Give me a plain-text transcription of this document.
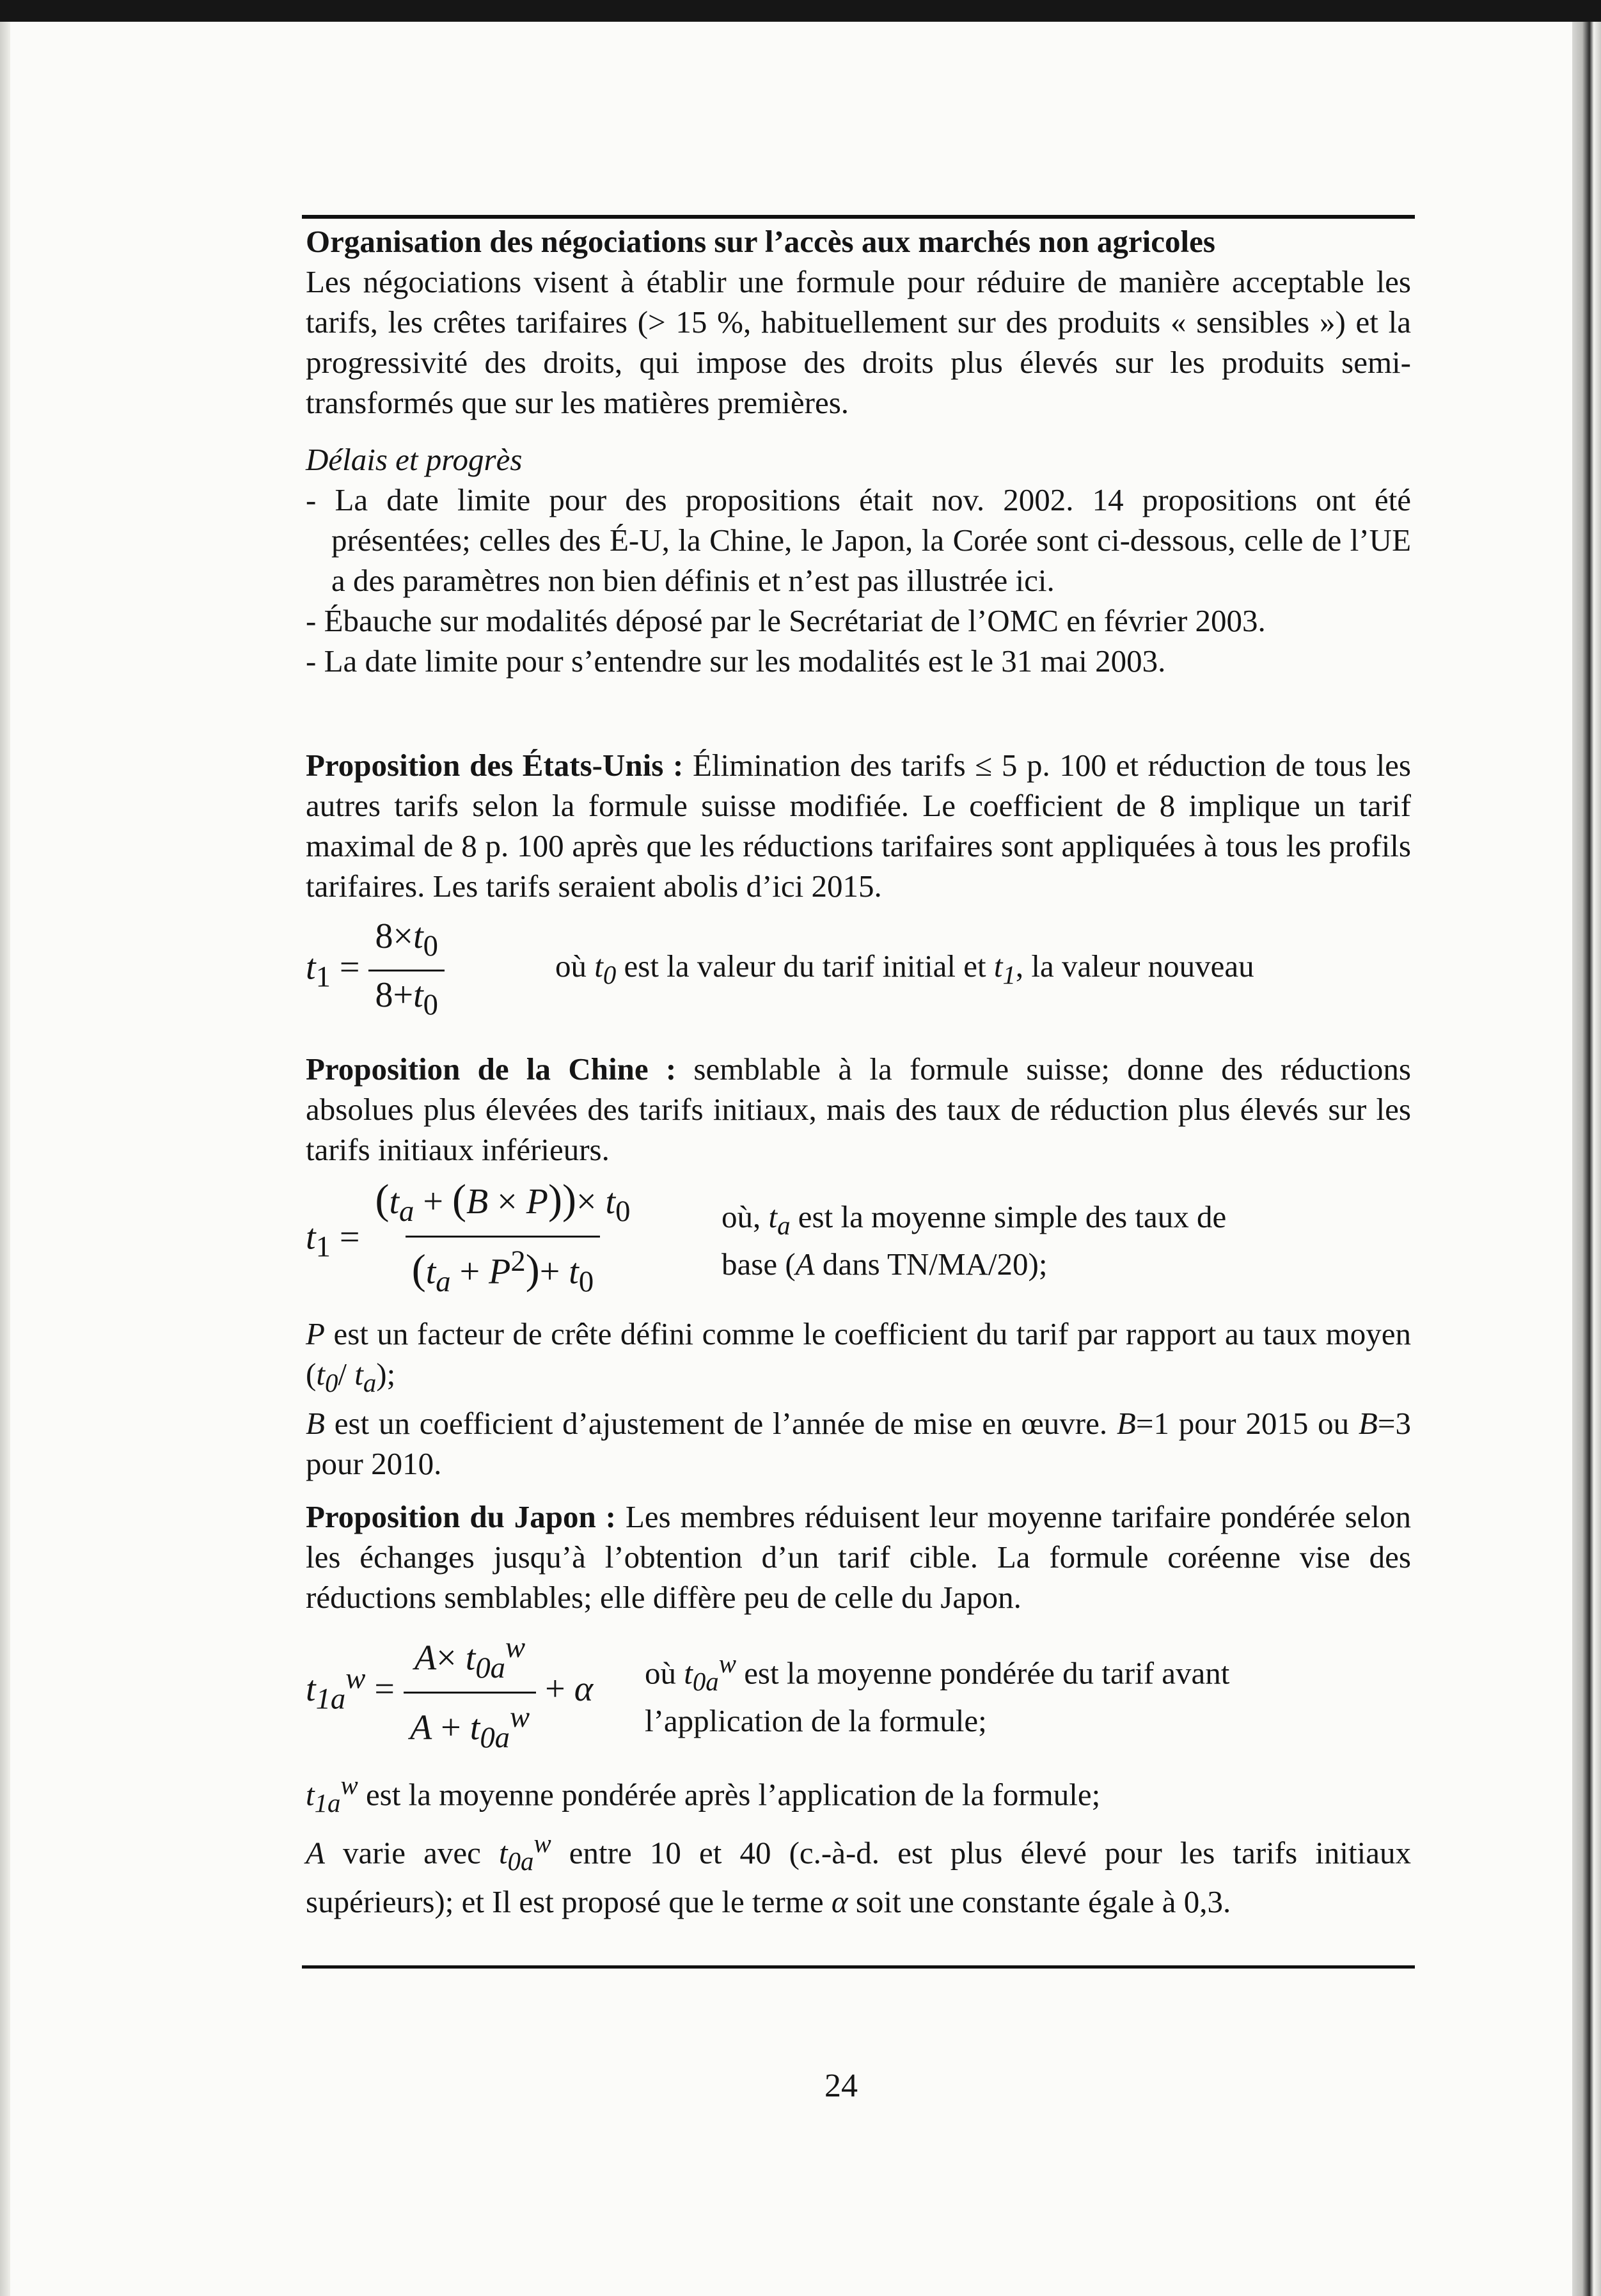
Organisation des négociations sur l’accès aux marchés non agricoles

Les négociations visent à établir une formule pour réduire de manière acceptable les tarifs, les crêtes tarifaires (> 15 %, habituellement sur des produits « sensibles ») et la progressivité des droits, qui impose des droits plus élevés sur les produits semi-transformés que sur les matières premières.

Délais et progrès

- La date limite pour des propositions était nov. 2002. 14 propositions ont été présentées; celles des É-U, la Chine, le Japon, la Corée sont ci-dessous, celle de l’UE a des paramètres non bien définis et n’est pas illustrée ici.
- Ébauche sur modalités déposé par le Secrétariat de l’OMC en février 2003.
- La date limite pour s’entendre sur les modalités est le 31 mai 2003.

Proposition des États-Unis : Élimination des tarifs ≤ 5 p. 100 et réduction de tous les autres tarifs selon la formule suisse modifiée. Le coefficient de 8 implique un tarif maximal de 8 p. 100 après que les réductions tarifaires sont appliquées à tous les profils tarifaires. Les tarifs seraient abolis d’ici 2015.

$t_1 = \frac{8\times t_0}{8+t_0}$	où $t_0$ est la valeur du tarif initial et $t_1$, la valeur nouveau

Proposition de la Chine : semblable à la formule suisse; donne des réductions absolues plus élevées des tarifs initiaux, mais des taux de réduction plus élevés sur les tarifs initiaux inférieurs.

$t_1 = \frac{(t_a + (B \times P))\times t_0}{(t_a + P^2)+ t_0}$	où, $t_a$ est la moyenne simple des taux de
base (A dans TN/MA/20);

P est un facteur de crête défini comme le coefficient du tarif par rapport au taux moyen ($t_0/$ $t_a$);

B est un coefficient d’ajustement de l’année de mise en œuvre. B=1 pour 2015 ou B=3 pour 2010.

Proposition du Japon : Les membres réduisent leur moyenne tarifaire pondérée selon les échanges jusqu’à l’obtention d’un tarif cible. La formule coréenne vise des réductions semblables; elle diffère peu de celle du Japon.

$t_{1a}^w = \frac{A\times t_{0a}^w}{A + t_{0a}^w} + \alpha$	où $t_{0a}^w$ est la moyenne pondérée du tarif avant
l’application de la formule;

$t_{1a}^w$ est la moyenne pondérée après l’application de la formule;

A varie avec $t_{0a}^w$ entre 10 et 40 (c.-à-d. est plus élevé pour les tarifs initiaux supérieurs); et Il est proposé que le terme α soit une constante égale à 0,3.

24
